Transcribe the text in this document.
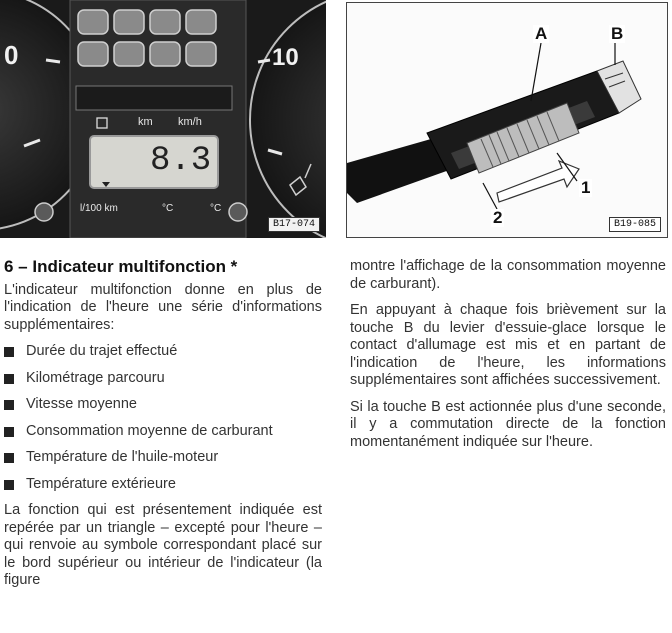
0	10
km km/h
8.3
l/100 km	°C	°C
B17-074
A	B
1
2	B19-085
6 – Indicateur multifonction *

L'indicateur multifonction donne en plus de l'indication de l'heure une série d'informations supplémentaires:

Durée du trajet effectué
Kilométrage parcouru
Vitesse moyenne
Consommation moyenne de carburant
Température de l'huile-moteur
Température extérieure

La fonction qui est présentement indiquée est repérée par un triangle – excepté pour l'heure – qui renvoie au symbole correspondant placé sur le bord supérieur ou intérieur de l'indicateur (la figure

montre l'affichage de la consommation moyenne de carburant).

En appuyant à chaque fois brièvement sur la touche B du levier d'essuie-glace lorsque le contact d'allumage est mis et en partant de l'indication de l'heure, les informations supplémentaires sont affichées successivement.

Si la touche B est actionnée plus d'une seconde, il y a commutation directe de la fonction momentanément indiquée sur l'heure.
